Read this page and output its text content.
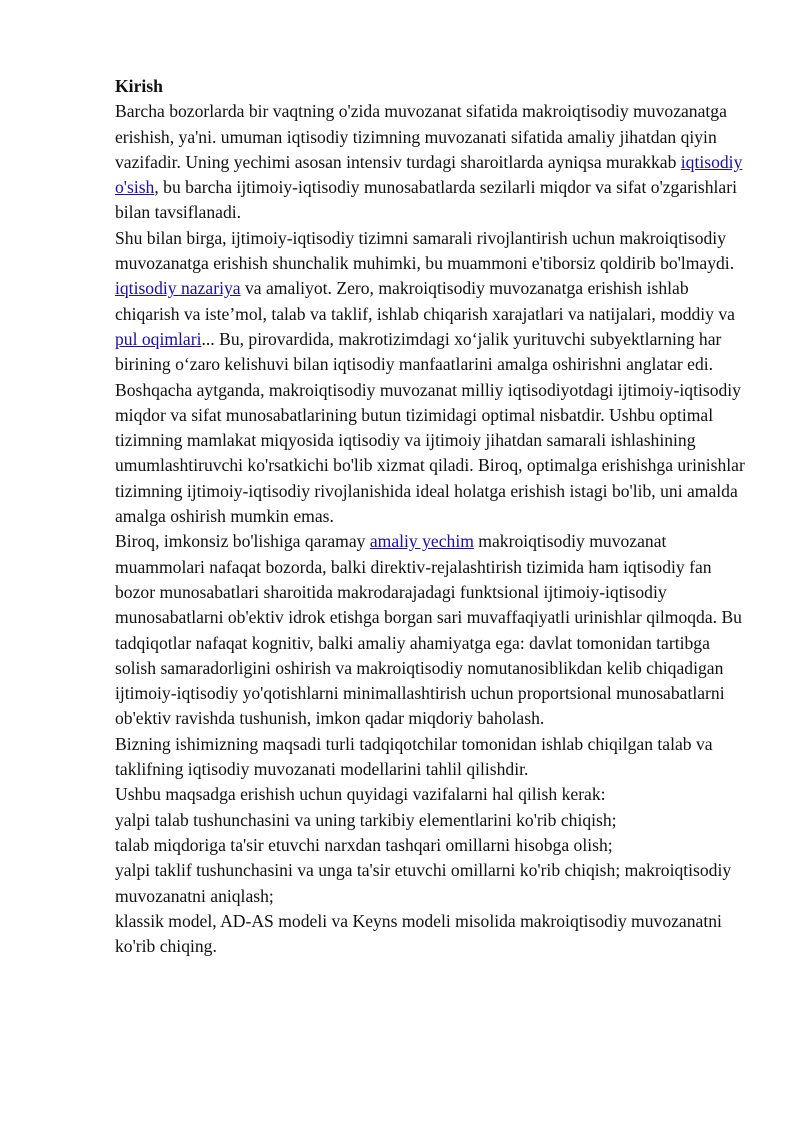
Kirish

Barcha bozorlarda bir vaqtning o'zida muvozanat sifatida makroiqtisodiy muvozanatga erishish, ya'ni. umuman iqtisodiy tizimning muvozanati sifatida amaliy jihatdan qiyin vazifadir. Uning yechimi asosan intensiv turdagi sharoitlarda ayniqsa murakkab iqtisodiy o'sish, bu barcha ijtimoiy-iqtisodiy munosabatlarda sezilarli miqdor va sifat o'zgarishlari bilan tavsiflanadi.

Shu bilan birga, ijtimoiy-iqtisodiy tizimni samarali rivojlantirish uchun makroiqtisodiy muvozanatga erishish shunchalik muhimki, bu muammoni e'tiborsiz qoldirib bo'lmaydi. iqtisodiy nazariya va amaliyot. Zero, makroiqtisodiy muvozanatga erishish ishlab chiqarish va iste’mol, talab va taklif, ishlab chiqarish xarajatlari va natijalari, moddiy va pul oqimlari... Bu, pirovardida, makrotizimdagi xo‘jalik yurituvchi subyektlarning har birining o‘zaro kelishuvi bilan iqtisodiy manfaatlarini amalga oshirishni anglatar edi.

Boshqacha aytganda, makroiqtisodiy muvozanat milliy iqtisodiyotdagi ijtimoiy-iqtisodiy miqdor va sifat munosabatlarining butun tizimidagi optimal nisbatdir. Ushbu optimal tizimning mamlakat miqyosida iqtisodiy va ijtimoiy jihatdan samarali ishlashining umumlashtiruvchi ko'rsatkichi bo'lib xizmat qiladi. Biroq, optimalga erishishga urinishlar tizimning ijtimoiy-iqtisodiy rivojlanishida ideal holatga erishish istagi bo'lib, uni amalda amalga oshirish mumkin emas.

Biroq, imkonsiz bo'lishiga qaramay amaliy yechim makroiqtisodiy muvozanat muammolari nafaqat bozorda, balki direktiv-rejalashtirish tizimida ham iqtisodiy fan bozor munosabatlari sharoitida makrodarajadagi funktsional ijtimoiy-iqtisodiy munosabatlarni ob'ektiv idrok etishga borgan sari muvaffaqiyatli urinishlar qilmoqda. Bu tadqiqotlar nafaqat kognitiv, balki amaliy ahamiyatga ega: davlat tomonidan tartibga solish samaradorligini oshirish va makroiqtisodiy nomutanosiblikdan kelib chiqadigan ijtimoiy-iqtisodiy yo'qotishlarni minimallashtirish uchun proportsional munosabatlarni ob'ektiv ravishda tushunish, imkon qadar miqdoriy baholash.

Bizning ishimizning maqsadi turli tadqiqotchilar tomonidan ishlab chiqilgan talab va taklifning iqtisodiy muvozanati modellarini tahlil qilishdir.

Ushbu maqsadga erishish uchun quyidagi vazifalarni hal qilish kerak:

yalpi talab tushunchasini va uning tarkibiy elementlarini ko'rib chiqish;

talab miqdoriga ta'sir etuvchi narxdan tashqari omillarni hisobga olish;

yalpi taklif tushunchasini va unga ta'sir etuvchi omillarni ko'rib chiqish; makroiqtisodiy muvozanatni aniqlash;

klassik model, AD-AS modeli va Keyns modeli misolida makroiqtisodiy muvozanatni ko'rib chiqing.
